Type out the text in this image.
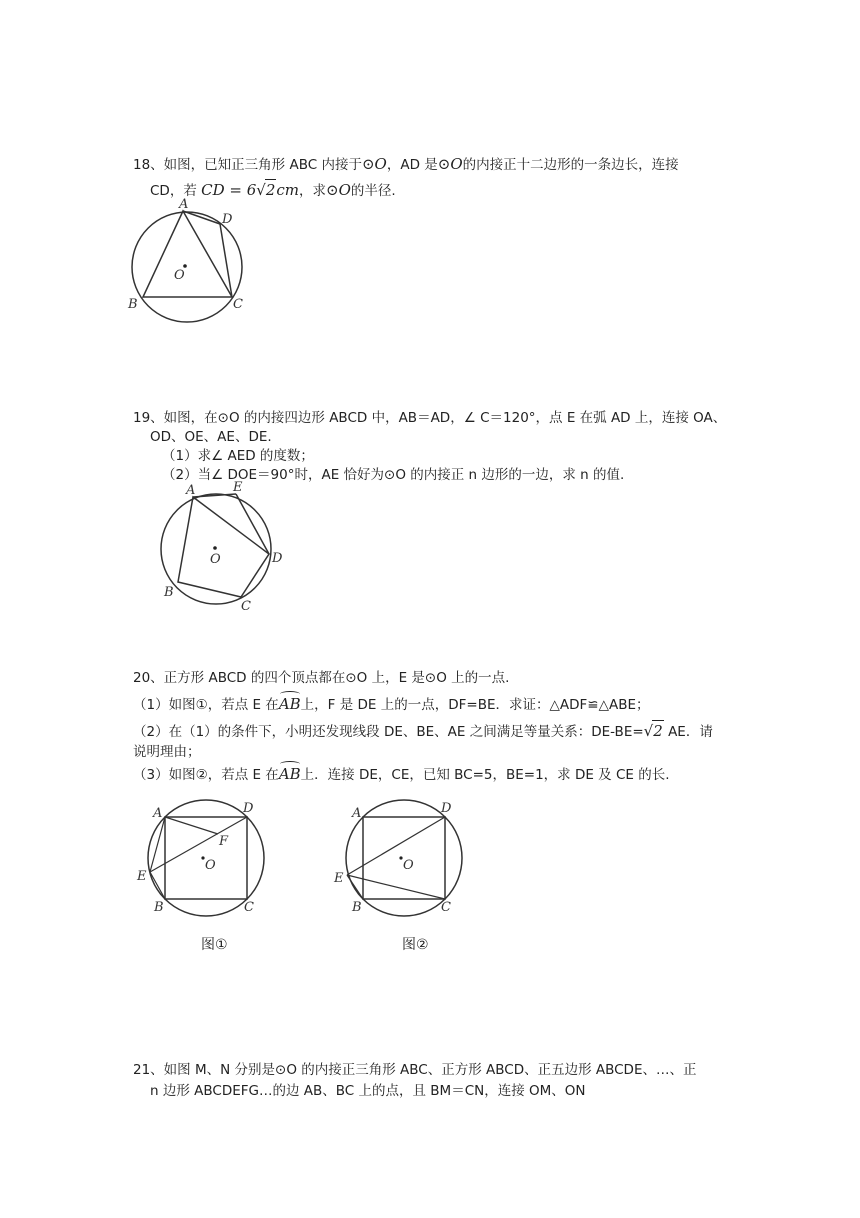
18、如图，已知正三角形 ABC 内接于⊙O，AD 是⊙O的内接正十二边形的一条边长，连接
CD，若 CD = 6√2cm，求⊙O的半径.
A
D
O
B	C
19、如图，在⊙O 的内接四边形 ABCD 中，AB＝AD，∠ C＝120°，点 E 在弧 AD 上，连接 OA、
OD、OE、AE、DE.
（1）求∠ AED 的度数；
（2）当∠ DOE＝90°时，AE 恰好为⊙O 的内接正 n 边形的一边，求 n 的值.
A	E
D
O
B
C
20、正方形 ABCD 的四个顶点都在⊙O 上，E 是⊙O 上的一点.
（1）如图①，若点 E 在AB上，F 是 DE 上的一点，DF=BE．求证：△ADF≌△ABE；
（2）在（1）的条件下，小明还发现线段 DE、BE、AE 之间满足等量关系：DE-BE=√2 AE．请
说明理由；
（3）如图②，若点 E 在AB上．连接 DE，CE，已知 BC=5，BE=1，求 DE 及 CE 的长.
A	D
F
O
E
B	C
图①
A	D
O
E
B	C
图②
21、如图 M、N 分别是⊙O 的内接正三角形 ABC、正方形 ABCD、正五边形 ABCDE、…、正
n 边形 ABCDEFG…的边 AB、BC 上的点，且 BM＝CN，连接 OM、ON
